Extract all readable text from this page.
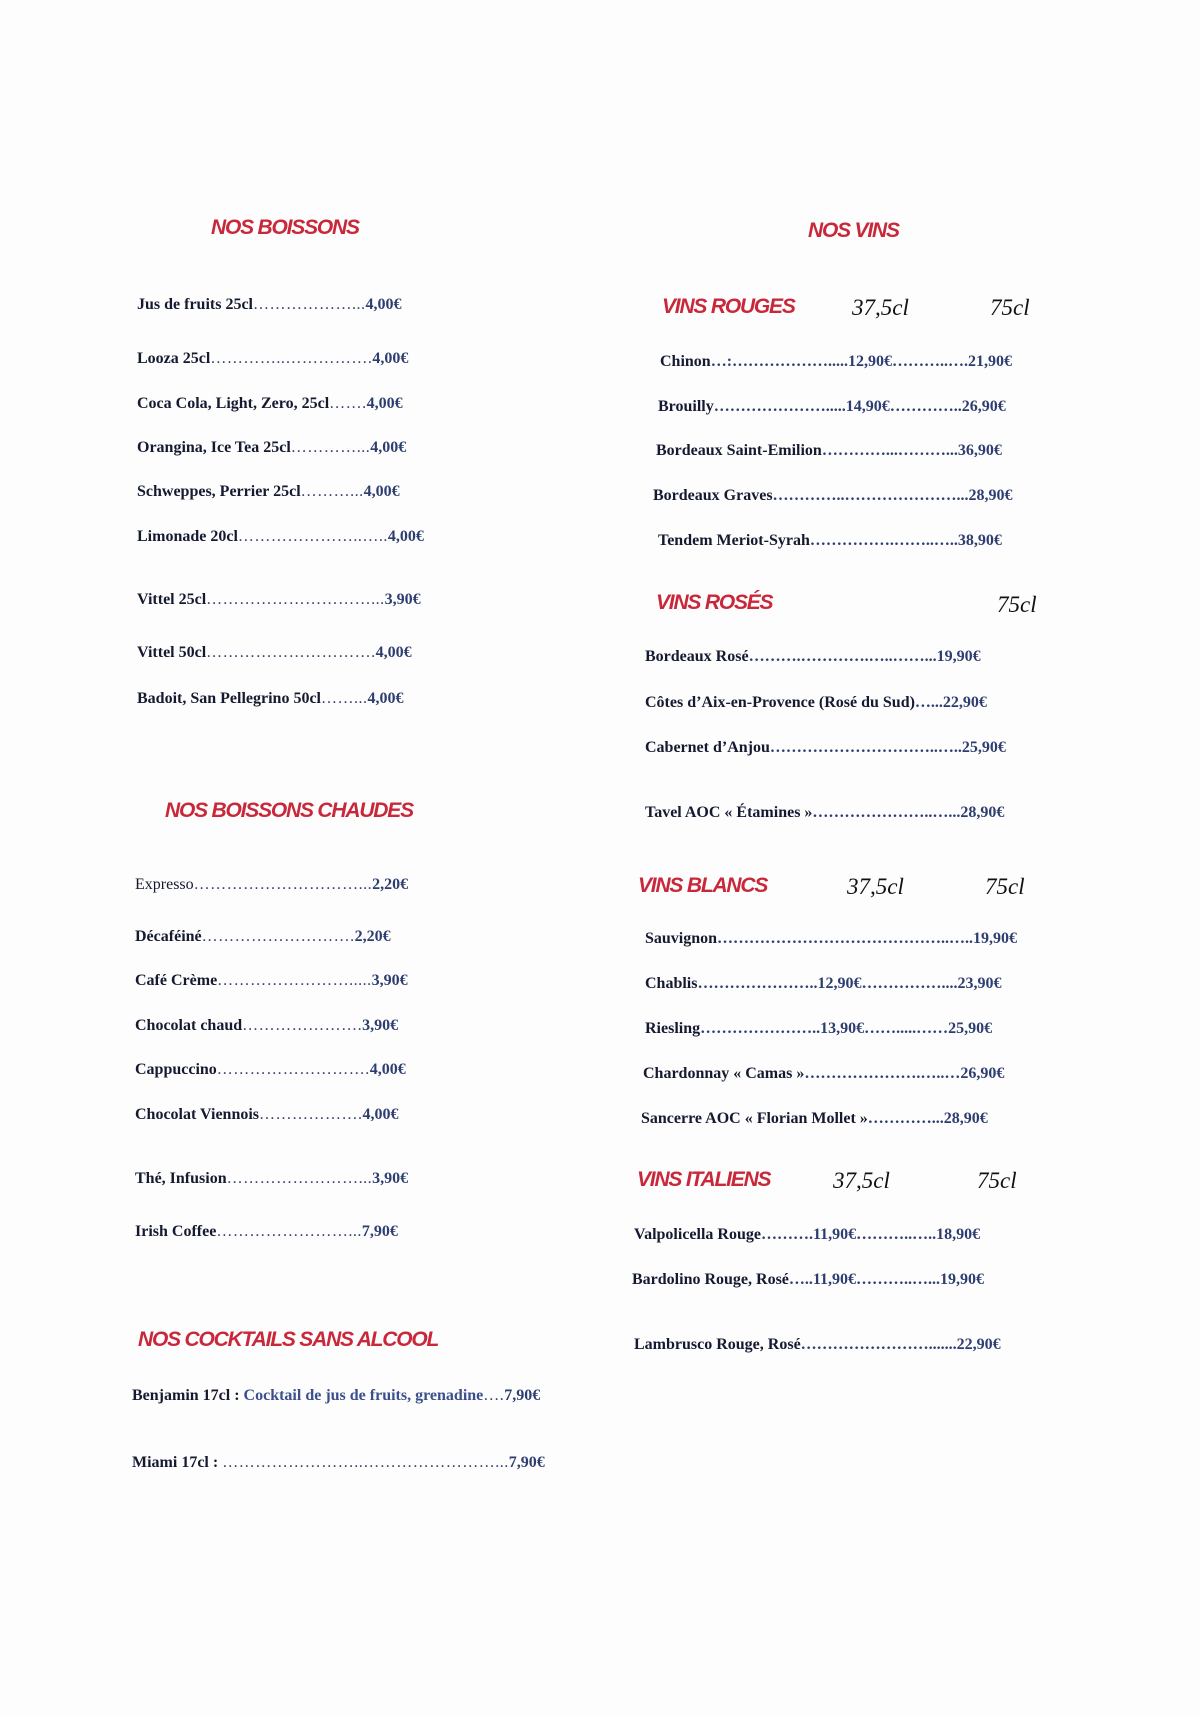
NOS BOISSONS
Jus de fruits 25cl………………...4,00€
Looza 25cl…………..…………….4,00€
Coca Cola, Light, Zero, 25cl…….4,00€
Orangina, Ice Tea 25cl…………...4,00€
Schweppes, Perrier 25cl………...4,00€
Limonade 20cl…………………..…..4,00€
Vittel 25cl…………………………...3,90€
Vittel 50cl………………………….4,00€
Badoit, San Pellegrino 50cl……...4,00€
NOS BOISSONS CHAUDES
Expresso…………………………...2,20€
Décaféiné……………………….2,20€
Café Crème…………………….....3,90€
Chocolat chaud………………….3,90€
Cappuccino……………………….4,00€
Chocolat Viennois……………….4,00€
Thé, Infusion……………………...3,90€
Irish Coffee……………………...7,90€
NOS COCKTAILS SANS ALCOOL
Benjamin 17cl : Cocktail de jus de fruits, grenadine….7,90€
Miami 17cl : ……………………..……………………...7,90€
NOS VINS
VINS ROUGES 37,5cl	75cl
Chinon…:……………….....12,90€………..….21,90€
Brouilly………………….....14,90€…………..26,90€
Bordeaux Saint-Emilion…………...………...36,90€
Bordeaux Graves…………..…………………...28,90€
Tendem Meriot-Syrah…………….……..…..38,90€
VINS ROSÉS	75cl
Bordeaux Rosé……….………….…..……...19,90€
Côtes d’Aix-en-Provence (Rosé du Sud)…...22,90€
Cabernet d’Anjou…………………………..…..25,90€
Tavel AOC « Étamines »…………………..…...28,90€
VINS BLANCS	37,5cl	75cl
Sauvignon……………………………………..…..19,90€
Chablis…………………..12,90€……………....23,90€
Riesling…………………..13,90€…….....……25,90€
Chardonnay « Camas »………………….…..…26,90€
Sancerre AOC « Florian Mollet »…………...28,90€
VINS ITALIENS	37,5cl	75cl
Valpolicella Rouge……….11,90€………..…..18,90€
Bardolino Rouge, Rosé…..11,90€………..…...19,90€
Lambrusco Rouge, Rosé…………………….......22,90€
